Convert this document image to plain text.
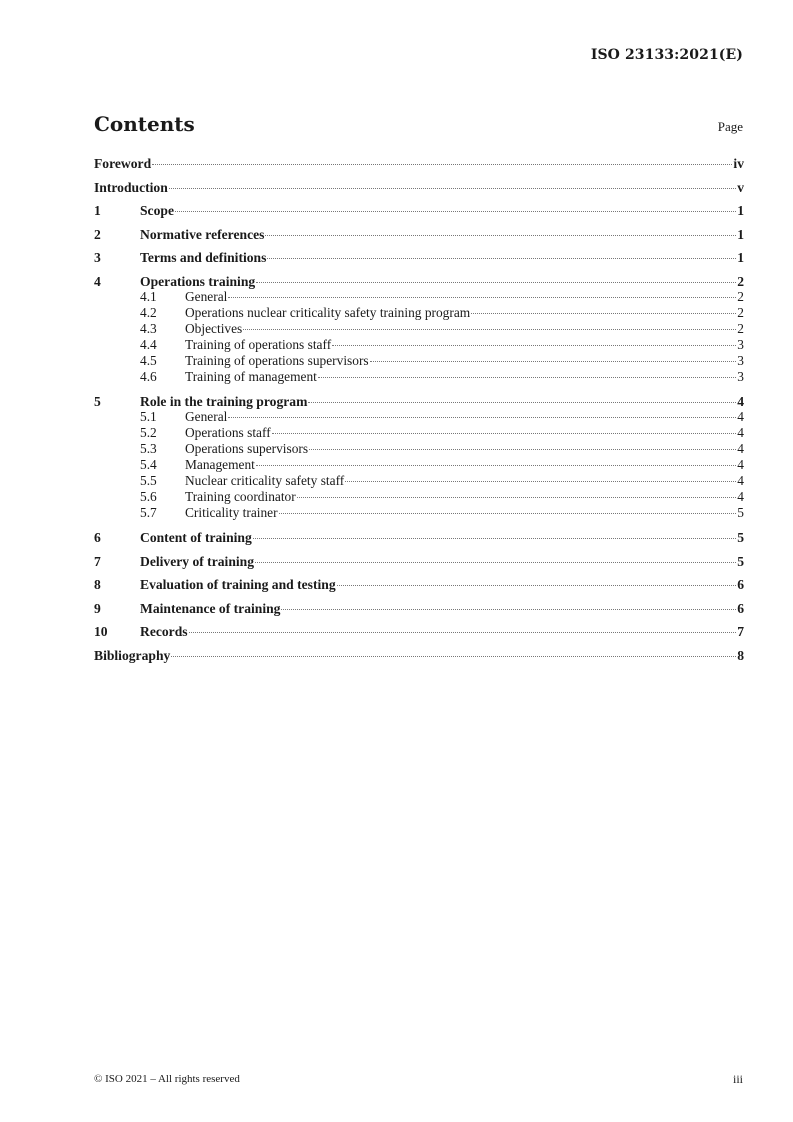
ISO 23133:2021(E)
Contents	Page
Foreword	iv
Introduction	v
1	Scope	1
2	Normative references	1
3	Terms and definitions	1
4	Operations training	2
4.1	General	2
4.2	Operations nuclear criticality safety training program	2
4.3	Objectives	2
4.4	Training of operations staff	3
4.5	Training of operations supervisors	3
4.6	Training of management	3
5	Role in the training program	4
5.1	General	4
5.2	Operations staff	4
5.3	Operations supervisors	4
5.4	Management	4
5.5	Nuclear criticality safety staff	4
5.6	Training coordinator	4
5.7	Criticality trainer	5
6	Content of training	5
7	Delivery of training	5
8	Evaluation of training and testing	6
9	Maintenance of training	6
10	Records	7
Bibliography	8
© ISO 2021 – All rights reserved	iii
